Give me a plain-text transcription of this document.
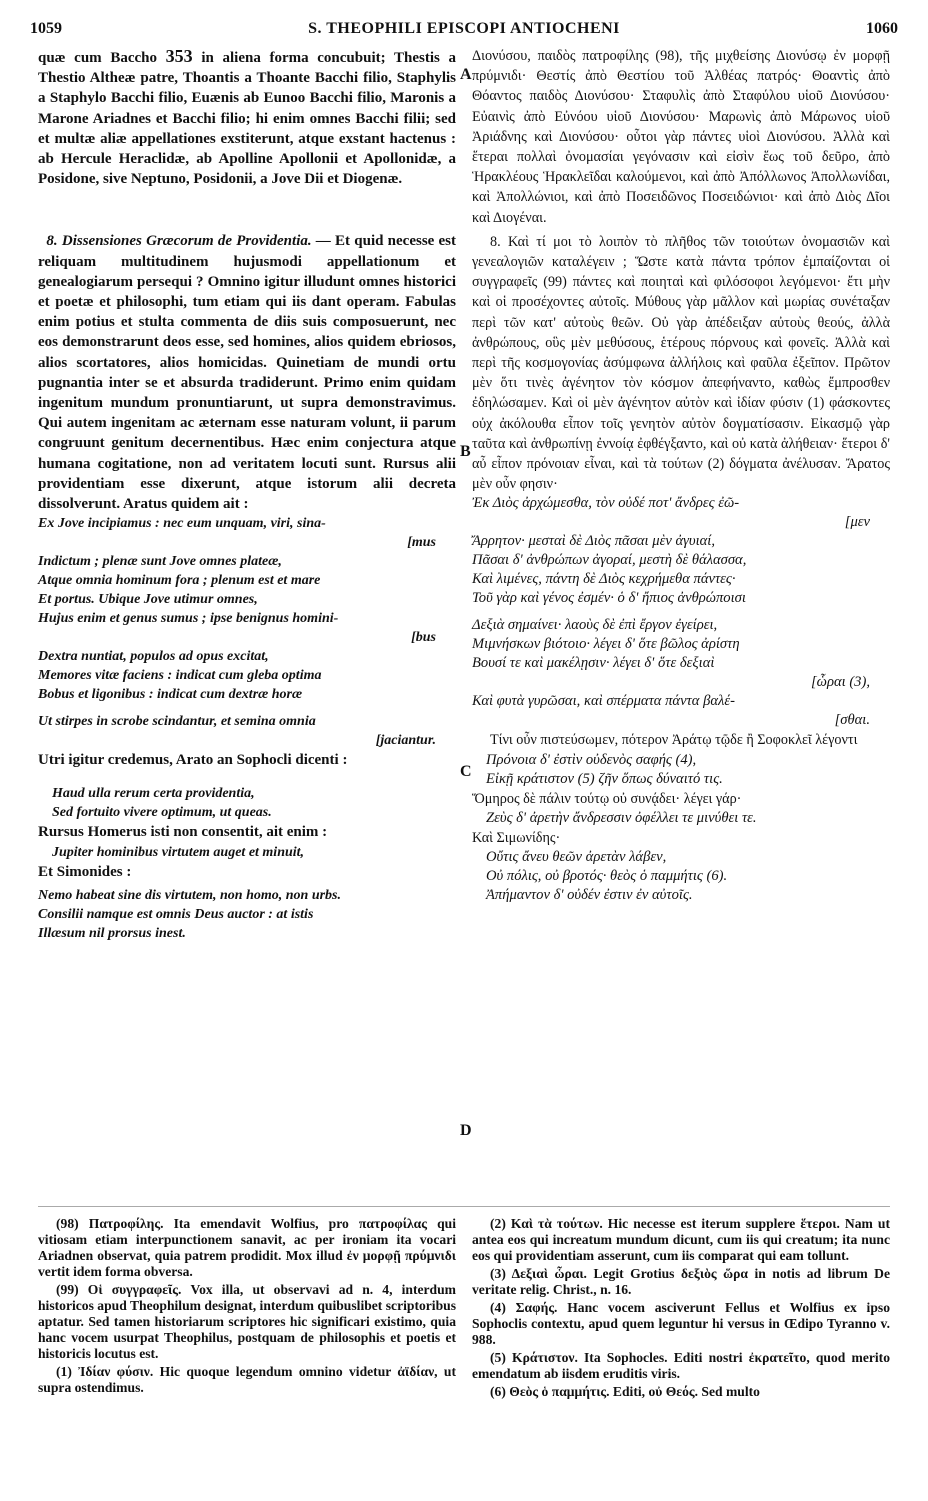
1059	S. THEOPHILI EPISCOPI ANTIOCHENI	1060
A
B
C
D

quæ cum Baccho 353 in aliena forma concubuit; Thestis a Thestio Altheæ patre, Thoantis a Thoante Bacchi filio, Staphylis a Staphylo Bacchi filio, Euænis ab Eunoo Bacchi filio, Maronis a Marone Ariadnes et Bacchi filio; hi enim omnes Bacchi filii; sed et multæ aliæ appellationes exstiterunt, atque exstant hactenus : ab Hercule Heraclidæ, ab Apolline Apollonii et Apollonidæ, a Posidone, sive Neptuno, Posidonii, a Jove Dii et Diogenæ.

8. Dissensiones Græcorum de Providentia. — Et quid necesse est reliquam multitudinem hujusmodi appellationum et genealogiarum persequi ? Omnino igitur illudunt omnes historici et poetæ et philosophi, tum etiam qui iis dant operam. Fabulas enim potius et stulta commenta de diis suis composuerunt, nec eos demonstrarunt deos esse, sed homines, alios quidem ebriosos, alios scortatores, alios homicidas. Quinetiam de mundi ortu pugnantia inter se et absurda tradiderunt. Primo enim quidam ingenitum mundum pronuntiarunt, ut supra demonstravimus. Qui autem ingenitam ac æternam esse naturam volunt, ii parum congruunt genitum decernentibus. Hæc enim conjectura atque humana cogitatione, non ad veritatem locuti sunt. Rursus alii providentiam esse dixerunt, atque istorum alii decreta dissolverunt. Aratus quidem ait :

Ex Jove incipiamus : nec eum unquam, viri, sina-
[mus
Indictum ; plenæ sunt Jove omnes plateæ,
Atque omnia hominum fora ; plenum est et mare
Et portus. Ubique Jove utimur omnes,
Hujus enim et genus sumus ; ipse benignus homini-
[bus
Dextra nuntiat, populos ad opus excitat,
Memores vitæ faciens : indicat cum gleba optima
Bobus et ligonibus : indicat cum dextræ horæ
Ut stirpes in scrobe scindantur, et semina omnia
[jaciantur.

Utri igitur credemus, Arato an Sophocli dicenti :

Haud ulla rerum certa providentia,
Sed fortuito vivere optimum, ut queas.

Rursus Homerus isti non consentit, ait enim :

Jupiter hominibus virtutem auget et minuit,

Et Simonides :

Nemo habeat sine dis virtutem, non homo, non urbs.
Consilii namque est omnis Deus auctor : at istis
Illæsum nil prorsus inest.

Διονύσου, παιδὸς πατροφίλης (98), τῆς μιχθείσης Διονύσῳ ἐν μορφῇ πρύμνιδι· Θεστίς ἀπὸ Θεστίου τοῦ Ἀλθέας πατρός· Θοαντὶς ἀπὸ Θόαντος παιδὸς Διονύσου· Σταφυλὶς ἀπὸ Σταφύλου υἱοῦ Διονύσου· Εὐαινὶς ἀπὸ Εὐνόου υἱοῦ Διονύσου· Μαρωνὶς ἀπὸ Μάρωνος υἱοῦ Ἀριάδνης καὶ Διονύσου· οὗτοι γὰρ πάντες υἱοὶ Διονύσου. Ἀλλὰ καὶ ἕτεραι πολλαὶ ὀνομασίαι γεγόνασιν καὶ εἰσὶν ἕως τοῦ δεῦρο, ἀπὸ Ἡρακλέους Ἡρακλεῖδαι καλούμενοι, καὶ ἀπὸ Ἀπόλλωνος Ἀπολλωνίδαι, καὶ Ἀπολλώνιοι, καὶ ἀπὸ Ποσειδῶνος Ποσειδώνιοι· καὶ ἀπὸ Διὸς Δῖοι καὶ Διογέναι.

8. Καὶ τί μοι τὸ λοιπὸν τὸ πλῆθος τῶν τοιούτων ὀνομασιῶν καὶ γενεαλογιῶν καταλέγειν ; Ὥστε κατὰ πάντα τρόπον ἐμπαίζονται οἱ συγγραφεῖς (99) πάντες καὶ ποιηταὶ καὶ φιλόσοφοι λεγόμενοι· ἔτι μὴν καὶ οἱ προσέχοντες αὐτοῖς. Μύθους γὰρ μᾶλλον καὶ μωρίας συνέταξαν περὶ τῶν κατ' αὐτοὺς θεῶν. Οὐ γὰρ ἀπέδειξαν αὐτοὺς θεούς, ἀλλὰ ἀνθρώπους, οὓς μὲν μεθύσους, ἑτέρους πόρνους καὶ φονεῖς. Ἀλλὰ καὶ περὶ τῆς κοσμογονίας ἀσύμφωνα ἀλλήλοις καὶ φαῦλα ἐξεῖπον. Πρῶτον μὲν ὅτι τινὲς ἀγένητον τὸν κόσμον ἀπεφήναντο, καθὼς ἔμπροσθεν ἐδηλώσαμεν. Καὶ οἱ μὲν ἀγένητον αὐτὸν καὶ ἰδίαν φύσιν (1) φάσκοντες οὐχ ἀκόλουθα εἶπον τοῖς γενητὸν αὐτὸν δογματίσασιν. Εἰκασμῷ γὰρ ταῦτα καὶ ἀνθρωπίνῃ ἐννοίᾳ ἐφθέγξαντο, καὶ οὐ κατὰ ἀλήθειαν· ἕτεροι δ' αὖ εἶπον πρόνοιαν εἶναι, καὶ τὰ τούτων (2) δόγματα ἀνέλυσαν. Ἄρατος μὲν οὖν φησιν·

Ἐκ Διὸς ἀρχώμεσθα, τὸν οὐδέ ποτ' ἄνδρες ἐῶ-
[μεν
Ἄρρητον· μεσταὶ δὲ Διὸς πᾶσαι μὲν ἀγυιαί,
Πᾶσαι δ' ἀνθρώπων ἀγοραί, μεστὴ δὲ θάλασσα,
Καὶ λιμένες, πάντη δὲ Διὸς κεχρήμεθα πάντες·
Τοῦ γὰρ καὶ γένος ἐσμέν· ὁ δ' ἤπιος ἀνθρώποισι
Δεξιὰ σημαίνει· λαοὺς δὲ ἐπὶ ἔργον ἐγείρει,
Μιμνήσκων βιότοιο· λέγει δ' ὅτε βῶλος ἀρίστη
Βουσί τε καὶ μακέλῃσιν· λέγει δ' ὅτε δεξιαὶ
[ὧραι (3),
Καὶ φυτὰ γυρῶσαι, καὶ σπέρματα πάντα βαλέ-
[σθαι.

Τίνι οὖν πιστεύσωμεν, πότερον Ἀράτῳ τῷδε ἢ Σοφοκλεῖ λέγοντι

Πρόνοια δ' ἐστὶν οὐδενὸς σαφής (4),
Εἰκῇ κράτιστον (5) ζῆν ὅπως δύναιτό τις.

Ὅμηρος δὲ πάλιν τούτῳ οὐ συνᾴδει· λέγει γάρ·

Ζεὺς δ' ἀρετὴν ἄνδρεσσιν ὀφέλλει τε μινύθει τε.

Καὶ Σιμωνίδης·

Οὔτις ἄνευ θεῶν ἀρετὰν λάβεν,
Οὐ πόλις, οὐ βροτός· θεὸς ὁ παμμήτις (6).
Ἀπήμαντον δ' οὐδέν ἐστιν ἐν αὐτοῖς.

(98) Πατροφίλης. Ita emendavit Wolfius, pro πατροφίλας qui vitiosam etiam interpunctionem sanavit, ac per ironiam ita vocari Ariadnen observat, quia patrem prodidit. Mox illud ἐν μορφῇ πρύμνιδι vertit idem forma obversa.

(99) Οἱ συγγραφεῖς. Vox illa, ut observavi ad n. 4, interdum historicos apud Theophilum designat, interdum quibuslibet scriptoribus aptatur. Sed tamen historiarum scriptores hic significari existimo, quia hanc vocem usurpat Theophilus, postquam de philosophis et poetis et historicis locutus est.

(1) Ἰδίαν φύσιν. Hic quoque legendum omnino videtur ἀϊδίαν, ut supra ostendimus.

(2) Καὶ τὰ τούτων. Hic necesse est iterum supplere ἕτεροι. Nam ut antea eos qui increatum mundum dicunt, cum iis qui creatum; ita nunc eos qui providentiam asserunt, cum iis comparat qui eam tollunt.

(3) Δεξιαὶ ὧραι. Legit Grotius δεξιὸς ὥρα in notis ad librum De veritate relig. Christ., n. 16.

(4) Σαφής. Hanc vocem asciverunt Fellus et Wolfius ex ipso Sophoclis contextu, apud quem leguntur hi versus in Œdipo Tyranno v. 988.

(5) Κράτιστον. Ita Sophocles. Editi nostri ἐκρατεῖτο, quod merito emendatum ab iisdem eruditis viris.

(6) Θεὸς ὁ παμμήτις. Editi, οὐ Θεός. Sed multo
